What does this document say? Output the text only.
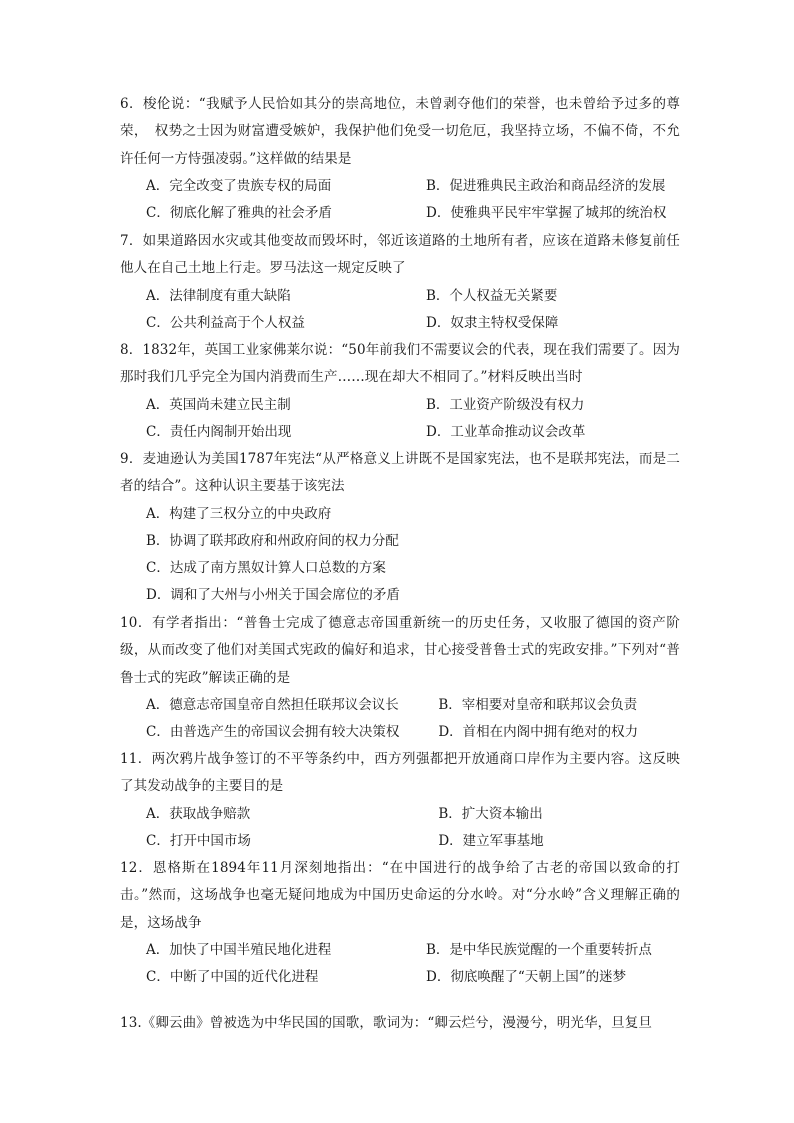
6．梭伦说：“我赋予人民恰如其分的崇高地位，未曾剥夺他们的荣誉，也未曾给予过多的尊荣，　权势之士因为财富遭受嫉妒，我保护他们免受一切危厄，我坚持立场，不偏不倚，不允许任何一方恃强凌弱。”这样做的结果是

A．完全改变了贵族专权的局面	B．促进雅典民主政治和商品经济的发展
C．彻底化解了雅典的社会矛盾	D．使雅典平民牢牢掌握了城邦的统治权

7．如果道路因水灾或其他变故而毁坏时，邻近该道路的土地所有者，应该在道路未修复前任他人在自己土地上行走。罗马法这一规定反映了

A．法律制度有重大缺陷	B．个人权益无关紧要
C．公共利益高于个人权益	D．奴隶主特权受保障

8．1832年，英国工业家佛莱尔说：“50年前我们不需要议会的代表，现在我们需要了。因为那时我们几乎完全为国内消费而生产……现在却大不相同了。”材料反映出当时

A．英国尚未建立民主制	B．工业资产阶级没有权力
C．责任内阁制开始出现	D．工业革命推动议会改革

9．麦迪逊认为美国1787年宪法“从严格意义上讲既不是国家宪法，也不是联邦宪法，而是二者的结合”。这种认识主要基于该宪法

A．构建了三权分立的中央政府
B．协调了联邦政府和州政府间的权力分配
C．达成了南方黑奴计算人口总数的方案
D．调和了大州与小州关于国会席位的矛盾

10．有学者指出：“普鲁士完成了德意志帝国重新统一的历史任务，又收服了德国的资产阶级，从而改变了他们对美国式宪政的偏好和追求，甘心接受普鲁士式的宪政安排。”下列对“普鲁士式的宪政”解读正确的是

A．德意志帝国皇帝自然担任联邦议会议长	B．宰相要对皇帝和联邦议会负责
C．由普选产生的帝国议会拥有较大决策权	D．首相在内阁中拥有绝对的权力

11．两次鸦片战争签订的不平等条约中，西方列强都把开放通商口岸作为主要内容。这反映了其发动战争的主要目的是

A．获取战争赔款	B．扩大资本输出
C．打开中国市场	D．建立军事基地

12．恩格斯在1894年11月深刻地指出：“在中国进行的战争给了古老的帝国以致命的打击。”然而，这场战争也毫无疑问地成为中国历史命运的分水岭。对“分水岭”含义理解正确的是，这场战争

A．加快了中国半殖民地化进程	B．是中华民族觉醒的一个重要转折点
C．中断了中国的近代化进程	D．彻底唤醒了“天朝上国”的迷梦

13.《卿云曲》曾被选为中华民国的国歌，歌词为：“卿云烂兮，漫漫兮，明光华，旦复旦
